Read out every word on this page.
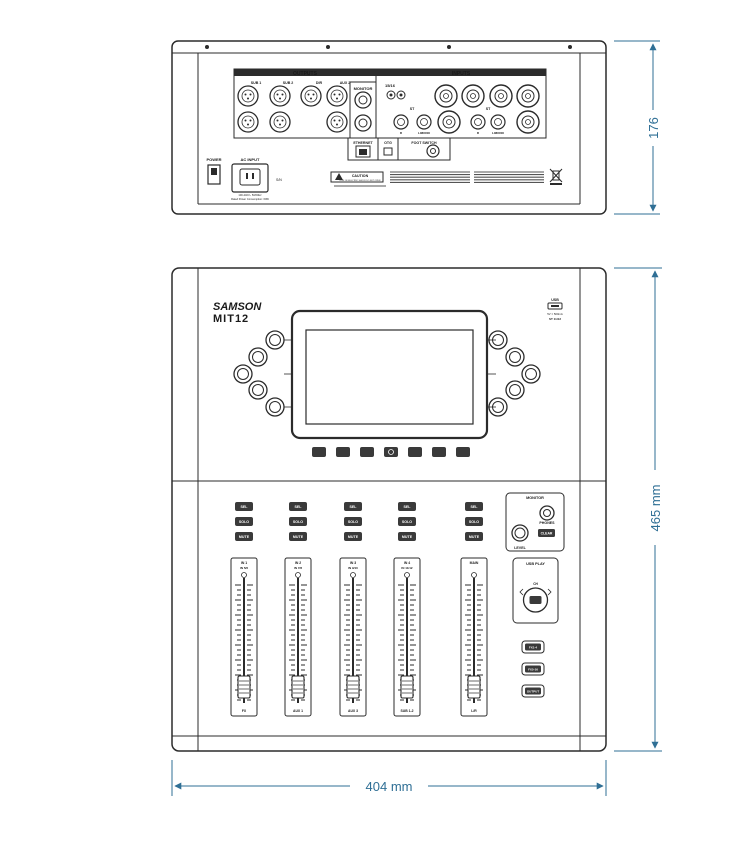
OUTPUTS
SUB 1	SUB 2	DIR	AUX 2
MONITOR
INPUTS
15/16
R	L/MONO	R	L/MONO
ST	ST
ETHERNET	OTG	FOOT SWITCH
POWER	AC INPUT
100-240V~ 50/60Hz
Rated Power Consumption: 60W
S/N
CAUTION
RISK OF ELECTRIC SHOCK DO NOT OPEN
176
SAMSON
MIT12
USB
5V = 500mA
ST 11/12
SEL
SOLO
MUTE
IN 1
IN 5/6
FX
SEL
SOLO
MUTE
IN 2
IN 7/8
AUX 1
SEL
SOLO
MUTE
IN 3
IN 9/10
AUX 3
SEL
SOLO
MUTE
IN 4
IN 11/12
SUB 1-2
SEL
SOLO
MUTE
MAIN
L/R
MONITOR
PHONES
LEVEL
CLEAR
USB PLAY
CH
FX1-4
FX5-16
OUTPUT
465 mm
404 mm
